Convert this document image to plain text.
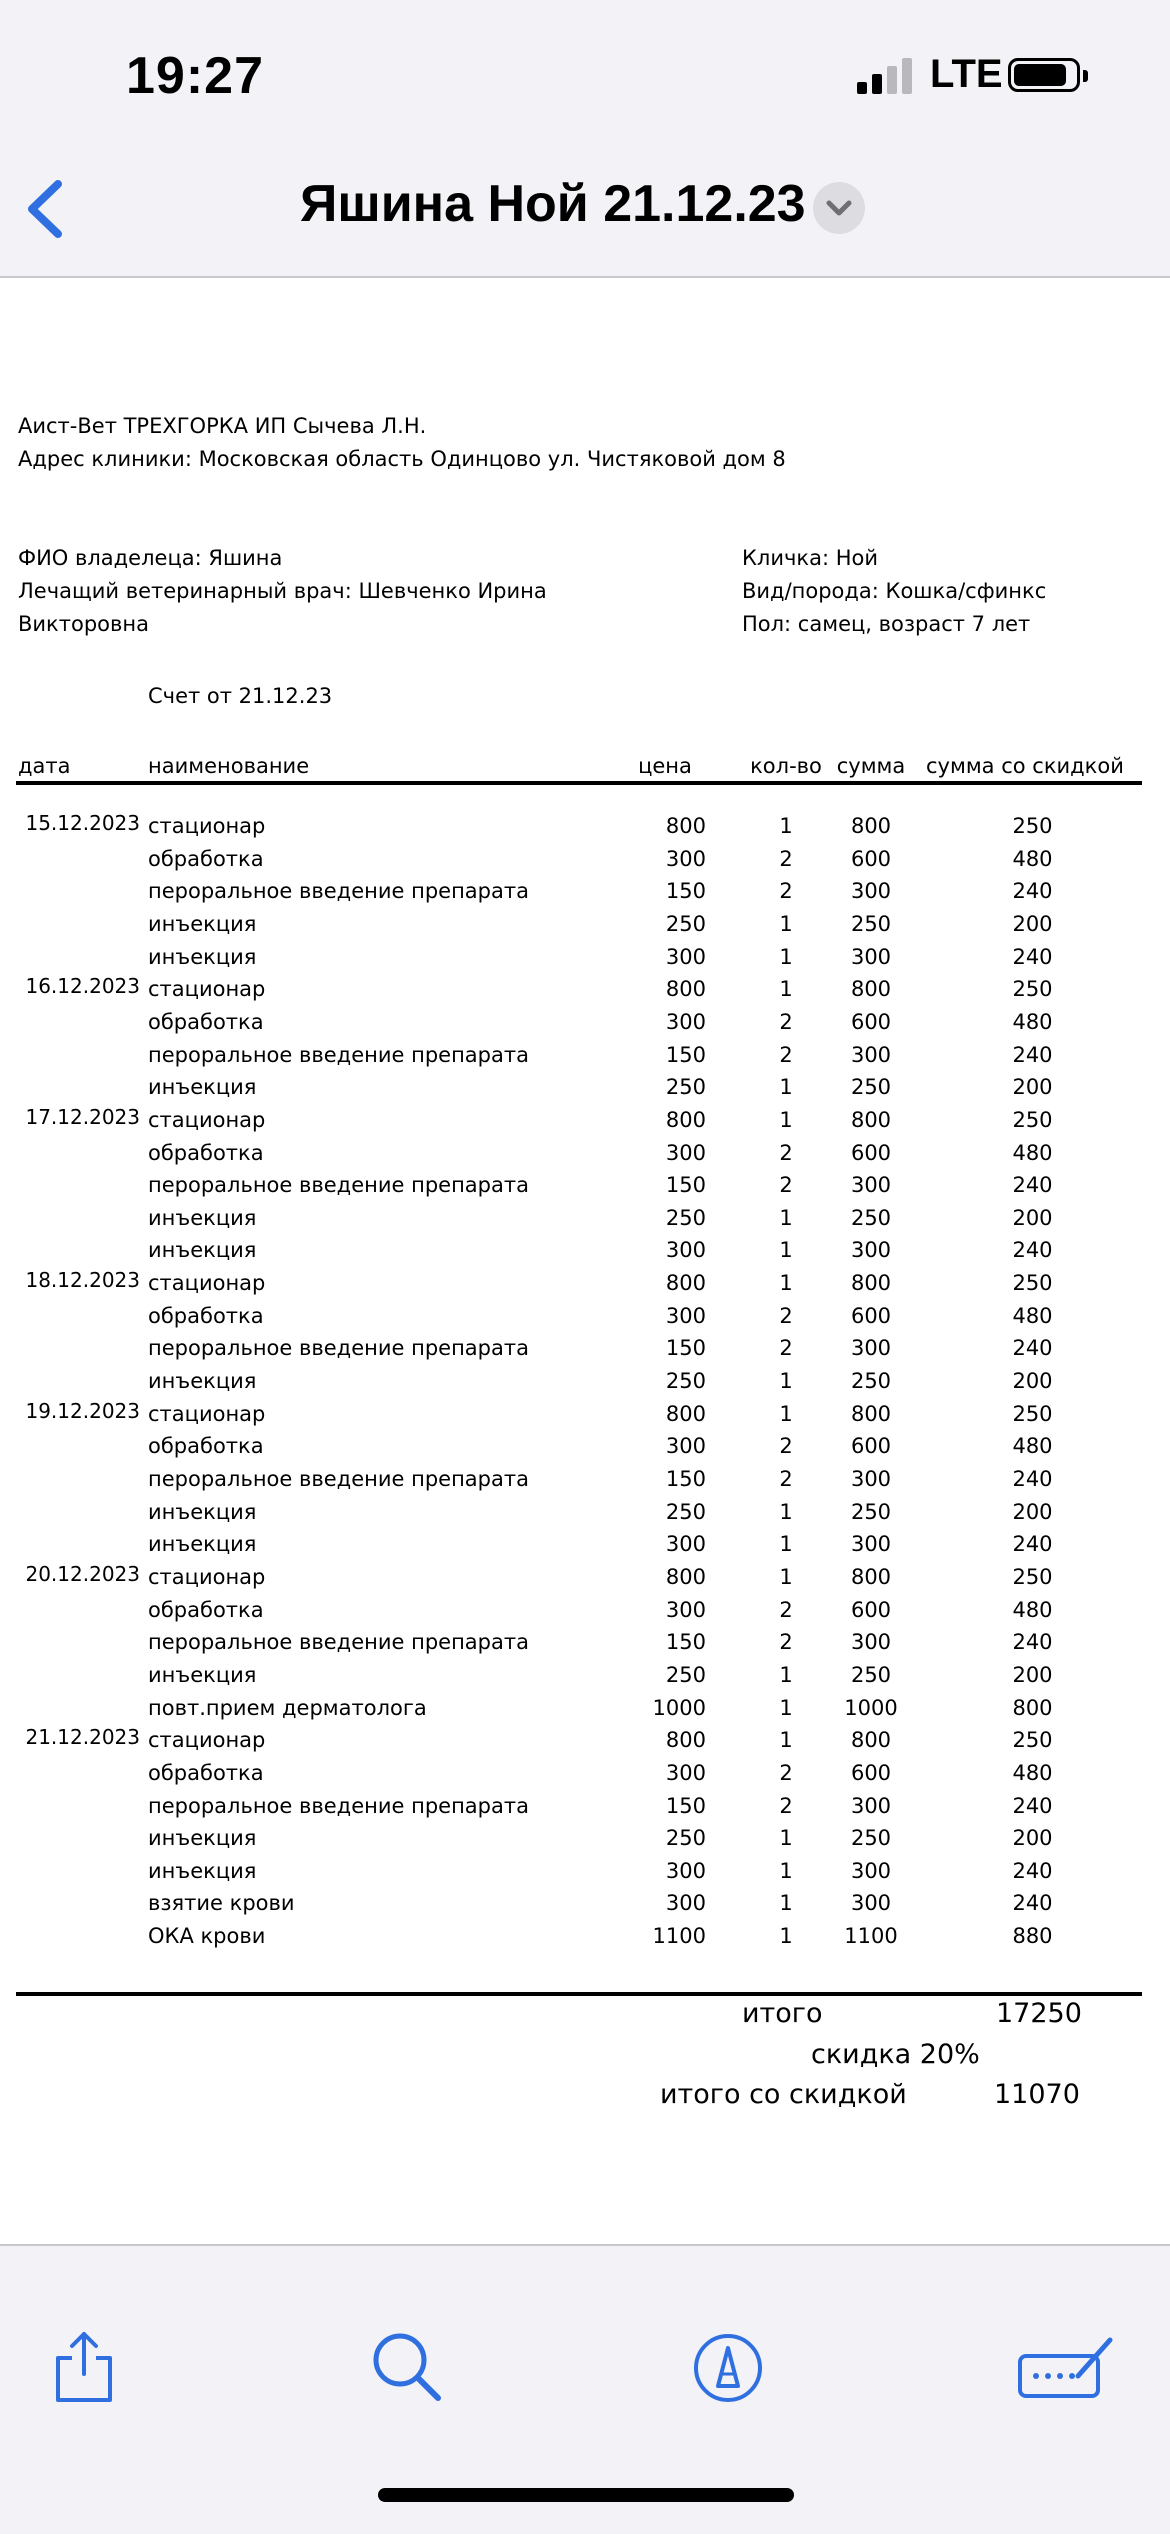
19:27	LTE
Яшина Ной 21.12.23
Аист-Вет ТРЕХГОРКА ИП Сычева Л.Н.
Адрес клиники: Московская область Одинцово ул. Чистяковой дом 8
ФИО владелеца: Яшина
Лечащий ветеринарный врач: Шевченко Ирина
Викторовна
Кличка: Ной
Вид/порода: Кошка/сфинкс
Пол: самец, возраст 7 лет
Счет от 21.12.23
дата	наименование	цена	кол-во сумма сумма со скидкой
15.12.2023 стационар	800	1	800	250
обработка	300	2	600	480
пероральное введение препарата	150	2	300	240
инъекция	250	1	250	200
инъекция	300	1	300	240
16.12.2023 стационар	800	1	800	250
обработка	300	2	600	480
пероральное введение препарата	150	2	300	240
инъекция	250	1	250	200
17.12.2023 стационар	800	1	800	250
обработка	300	2	600	480
пероральное введение препарата	150	2	300	240
инъекция	250	1	250	200
инъекция	300	1	300	240
18.12.2023 стационар	800	1	800	250
обработка	300	2	600	480
пероральное введение препарата	150	2	300	240
инъекция	250	1	250	200
19.12.2023 стационар	800	1	800	250
обработка	300	2	600	480
пероральное введение препарата	150	2	300	240
инъекция	250	1	250	200
инъекция	300	1	300	240
20.12.2023 стационар	800	1	800	250
обработка	300	2	600	480
пероральное введение препарата	150	2	300	240
инъекция	250	1	250	200
повт.прием дерматолога	1000	1	1000	800
21.12.2023 стационар	800	1	800	250
обработка	300	2	600	480
пероральное введение препарата	150	2	300	240
инъекция	250	1	250	200
инъекция	300	1	300	240
взятие крови	300	1	300	240
ОКА крови	1100	1	1100	880
итого	17250
скидка 20%
итого со скидкой	11070
